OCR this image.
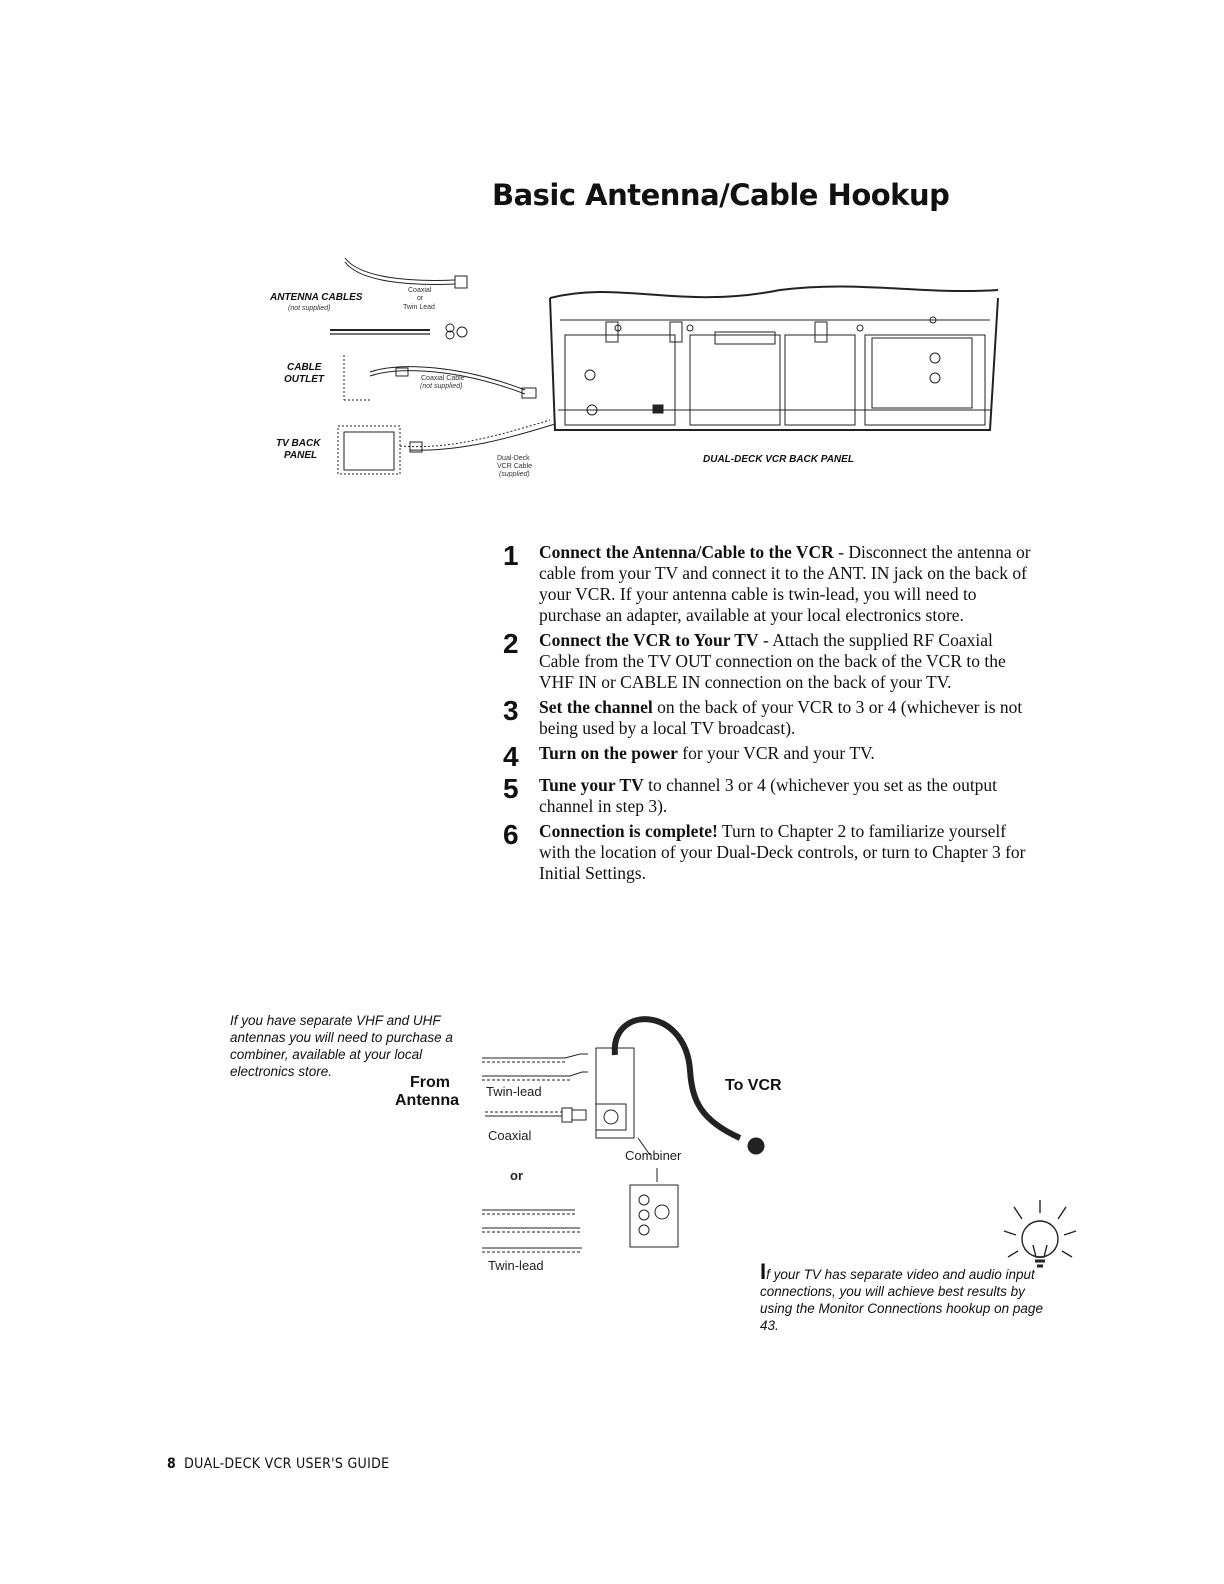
Basic Antenna/Cable Hookup
ANTENNA CABLES
(not supplied)
Coaxial
or
Twin Lead
CABLE
OUTLET	Coaxial Cable
(not supplied)
TV BACK
PANEL	Dual-Deck
VCR Cable
(supplied)
DUAL-DECK VCR BACK PANEL
1	Connect the Antenna/Cable to the VCR - Disconnect the antenna or cable from your TV and connect it to the ANT. IN jack on the back of your VCR. If your antenna cable is twin-lead, you will need to purchase an adapter, available at your local electronics store.
2	Connect the VCR to Your TV - Attach the supplied RF Coaxial Cable from the TV OUT connection on the back of the VCR to the VHF IN or CABLE IN connection on the back of your TV.
3	Set the channel on the back of your VCR to 3 or 4 (whichever is not being used by a local TV broadcast).
4	Turn on the power for your VCR and your TV.
5	Tune your TV to channel 3 or 4 (whichever you set as the output channel in step 3).
6	Connection is complete! Turn to Chapter 2 to familiarize yourself with the location of your Dual-Deck controls, or turn to Chapter 3 for Initial Settings.
If you have separate VHF and UHF antennas you will need to purchase a combiner, available at your local electronics store.
From
Antenna
Twin-lead
Coaxial
Combiner
or
Twin-lead
To VCR
If your TV has separate video and audio input connections, you will achieve best results by using the Monitor Connections hookup on page 43.
8 DUAL-DECK VCR USER'S GUIDE
